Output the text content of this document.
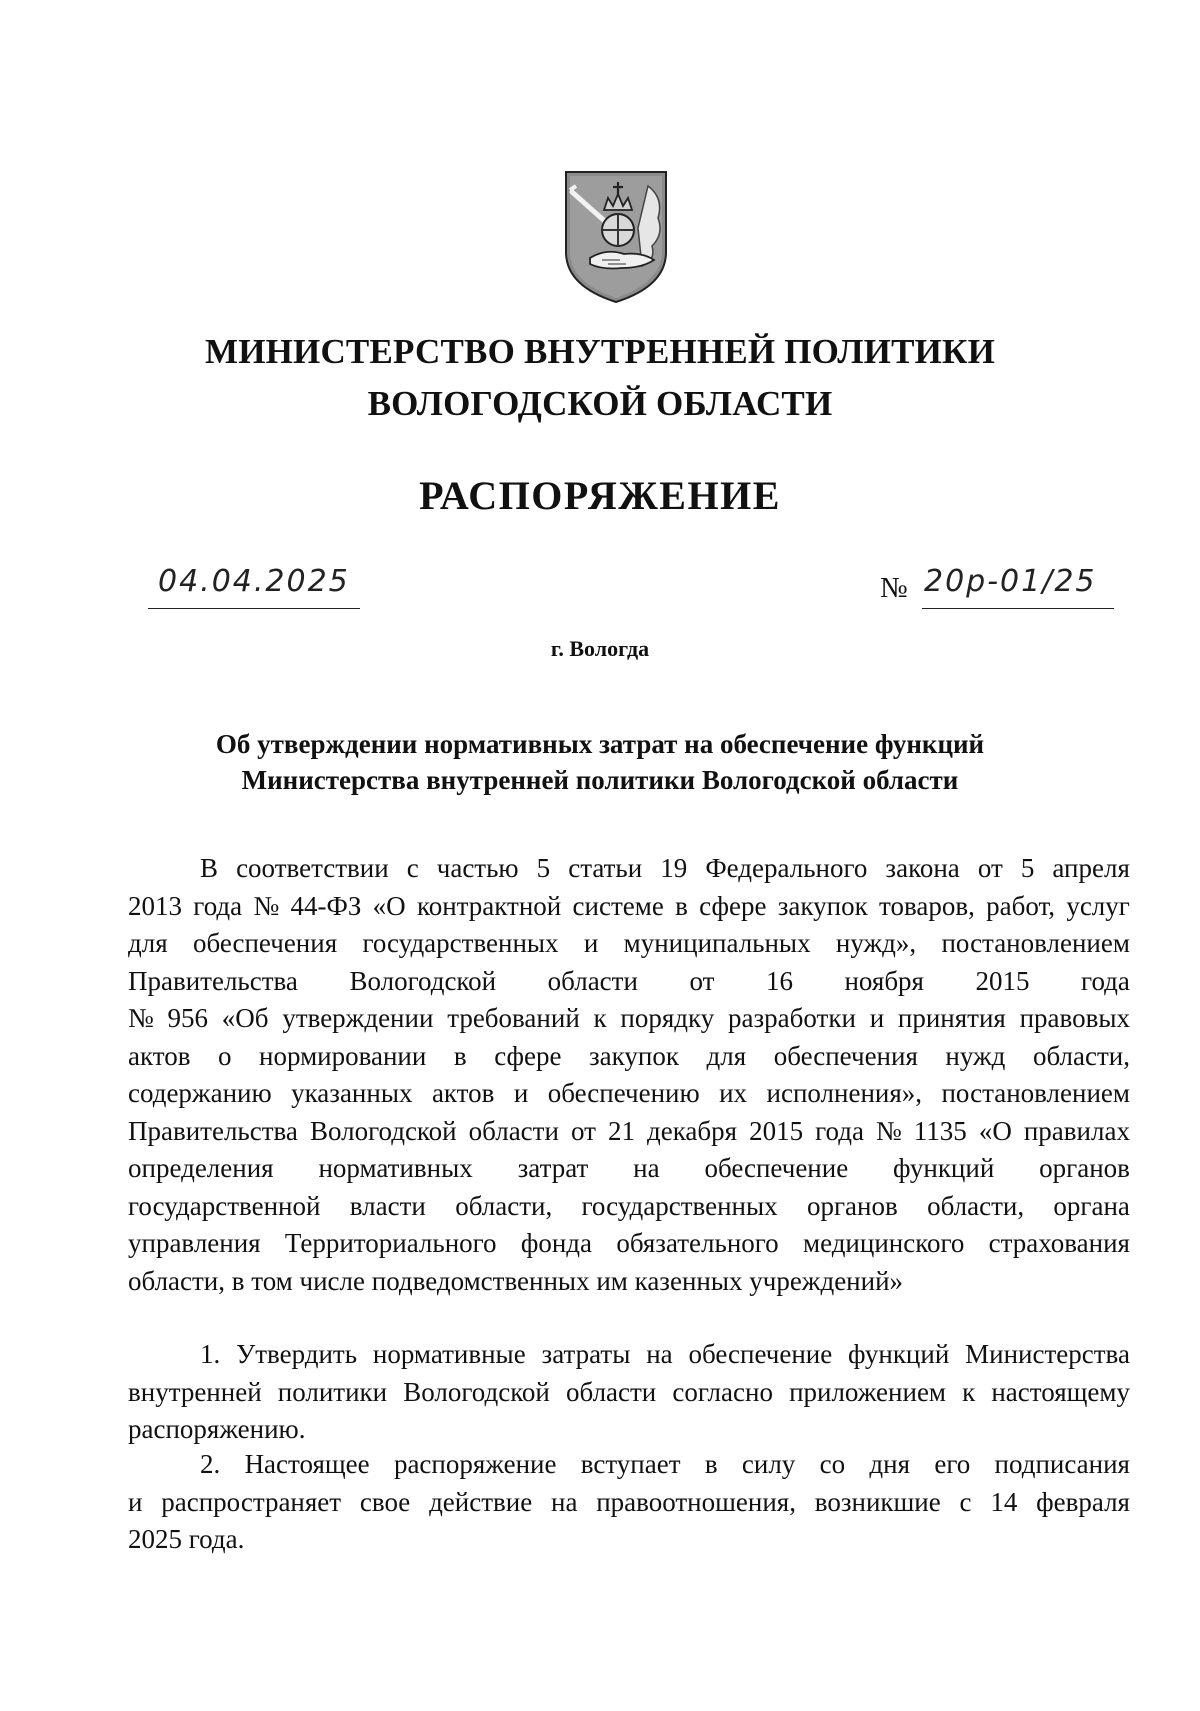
МИНИСТЕРСТВО ВНУТРЕННЕЙ ПОЛИТИКИ
ВОЛОГОДСКОЙ ОБЛАСТИ
РАСПОРЯЖЕНИЕ
04.04.2025	№ 20р-01/25
г. Вологда
Об утверждении нормативных затрат на обеспечение функций
Министерства внутренней политики Вологодской области
В соответствии с частью 5 статьи 19 Федерального закона от 5 апреля
2013 года № 44-ФЗ «О контрактной системе в сфере закупок товаров, работ, услуг
для обеспечения государственных и муниципальных нужд», постановлением
Правительства Вологодской области от 16 ноября 2015 года
№ 956 «Об утверждении требований к порядку разработки и принятия правовых
актов о нормировании в сфере закупок для обеспечения нужд области,
содержанию указанных актов и обеспечению их исполнения», постановлением
Правительства Вологодской области от 21 декабря 2015 года № 1135 «О правилах
определения нормативных затрат на обеспечение функций органов
государственной власти области, государственных органов области, органа
управления Территориального фонда обязательного медицинского страхования
области, в том числе подведомственных им казенных учреждений»
1. Утвердить нормативные затраты на обеспечение функций Министерства
внутренней политики Вологодской области согласно приложением к настоящему
распоряжению.
2. Настоящее распоряжение вступает в силу со дня его подписания
и распространяет свое действие на правоотношения, возникшие с 14 февраля
2025 года.
